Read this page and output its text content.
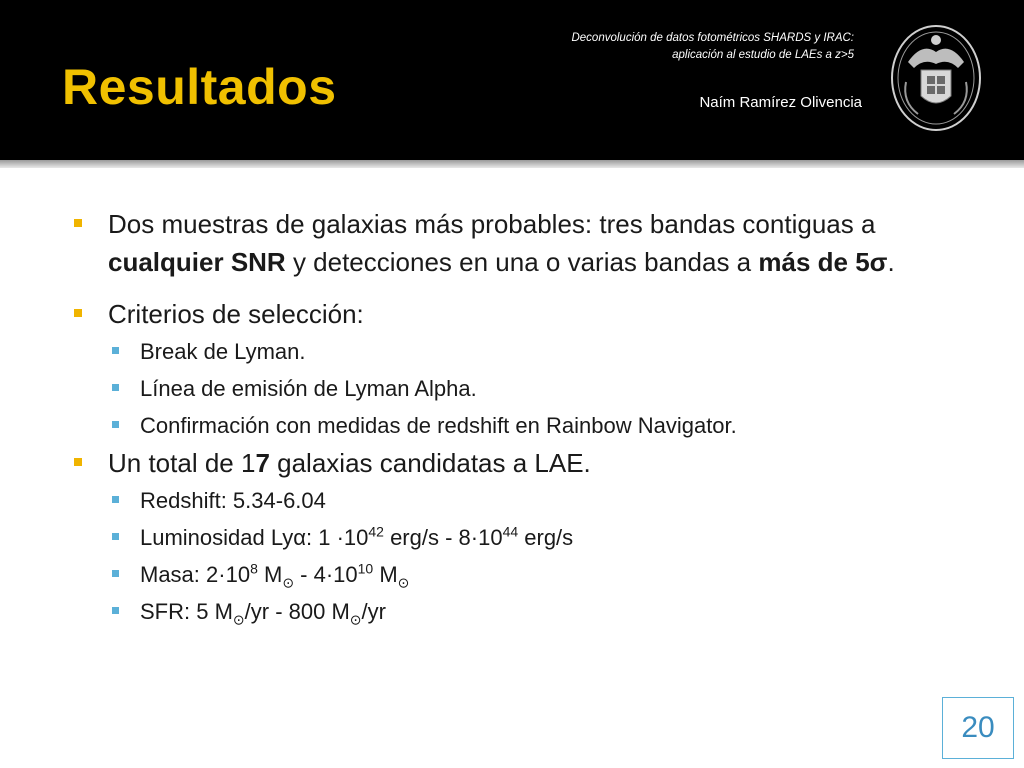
Resultados
Deconvolución de datos fotométricos SHARDS y IRAC:
aplicación al estudio de LAEs a z>5
Naím Ramírez Olivencia
Dos muestras de galaxias más probables: tres bandas contiguas a cualquier SNR y detecciones en una o varias bandas a más de 5σ.
Criterios de selección:
Break de Lyman.
Línea de emisión de Lyman Alpha.
Confirmación con medidas de redshift en Rainbow Navigator.
Un total de 17 galaxias candidatas a LAE.
Redshift: 5.34-6.04
Luminosidad Lyα: $1 \cdot 10^{42}$ $erg/s - 8\cdot 10^{44}$ erg/s
Masa: $2\cdot 10^8$ $M_⊙ - 4\cdot 10^{10}$ $M_⊙$
SFR: 5 $M_⊙/yr - 800$ $M_⊙/yr$
20
